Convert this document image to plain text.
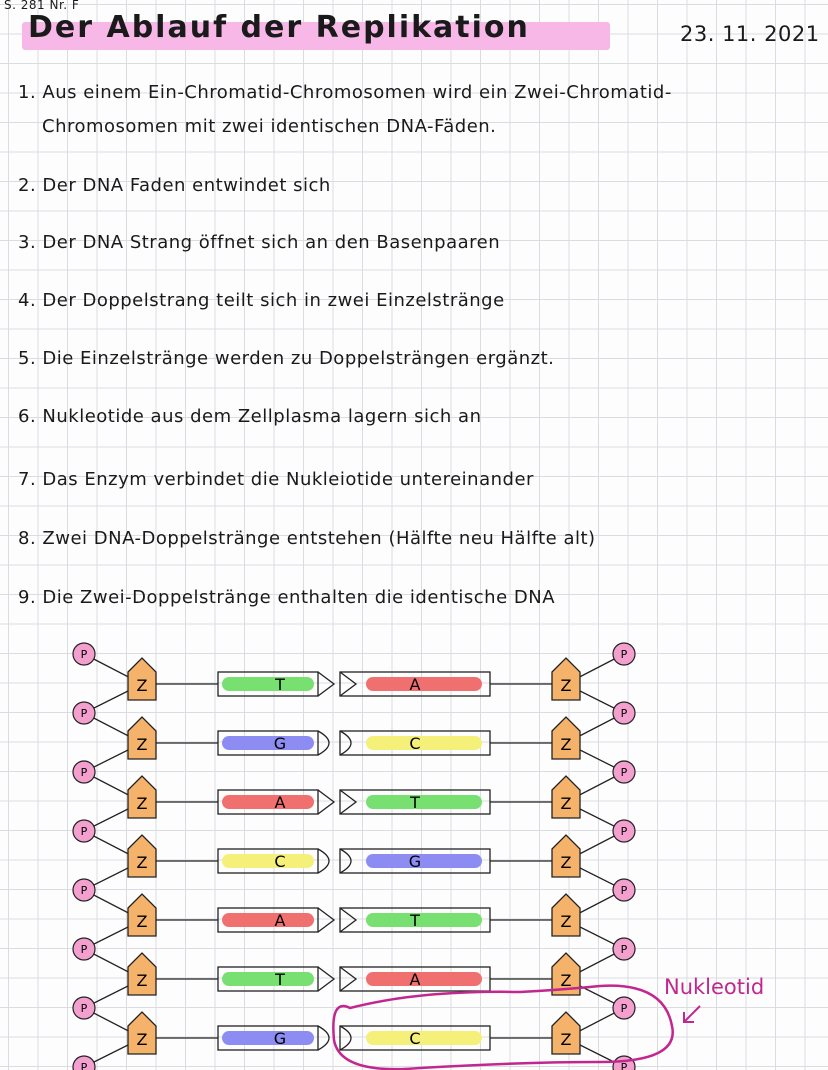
S. 281 Nr. F
Der Ablauf der Replikation	23. 11. 2021
1. Aus einem Ein-Chromatid-Chromosomen wird ein Zwei-Chromatid-
Chromosomen mit zwei identischen DNA-Fäden.
2. Der DNA Faden entwindet sich
3. Der DNA Strang öffnet sich an den Basenpaaren
4. Der Doppelstrang teilt sich in zwei Einzelstränge
5. Die Einzelstränge werden zu Doppelsträngen ergänzt.
6. Nukleotide aus dem Zellplasma lagern sich an
7. Das Enzym verbindet die Nukleiotide untereinander
8. Zwei DNA-Doppelstränge entstehen (Hälfte neu Hälfte alt)
9. Die Zwei-Doppelstränge enthalten die identische DNA
P
P
P
P
P
P
P
P
P
P
P
P
P
P
P
P
Z	Z
T	A
Z	Z
G	C
Z	Z
A	T
Z	Z
C	G
Z	Z
A	T
Z	Z
T	A
Z	Z
G	C
Nukleotid
